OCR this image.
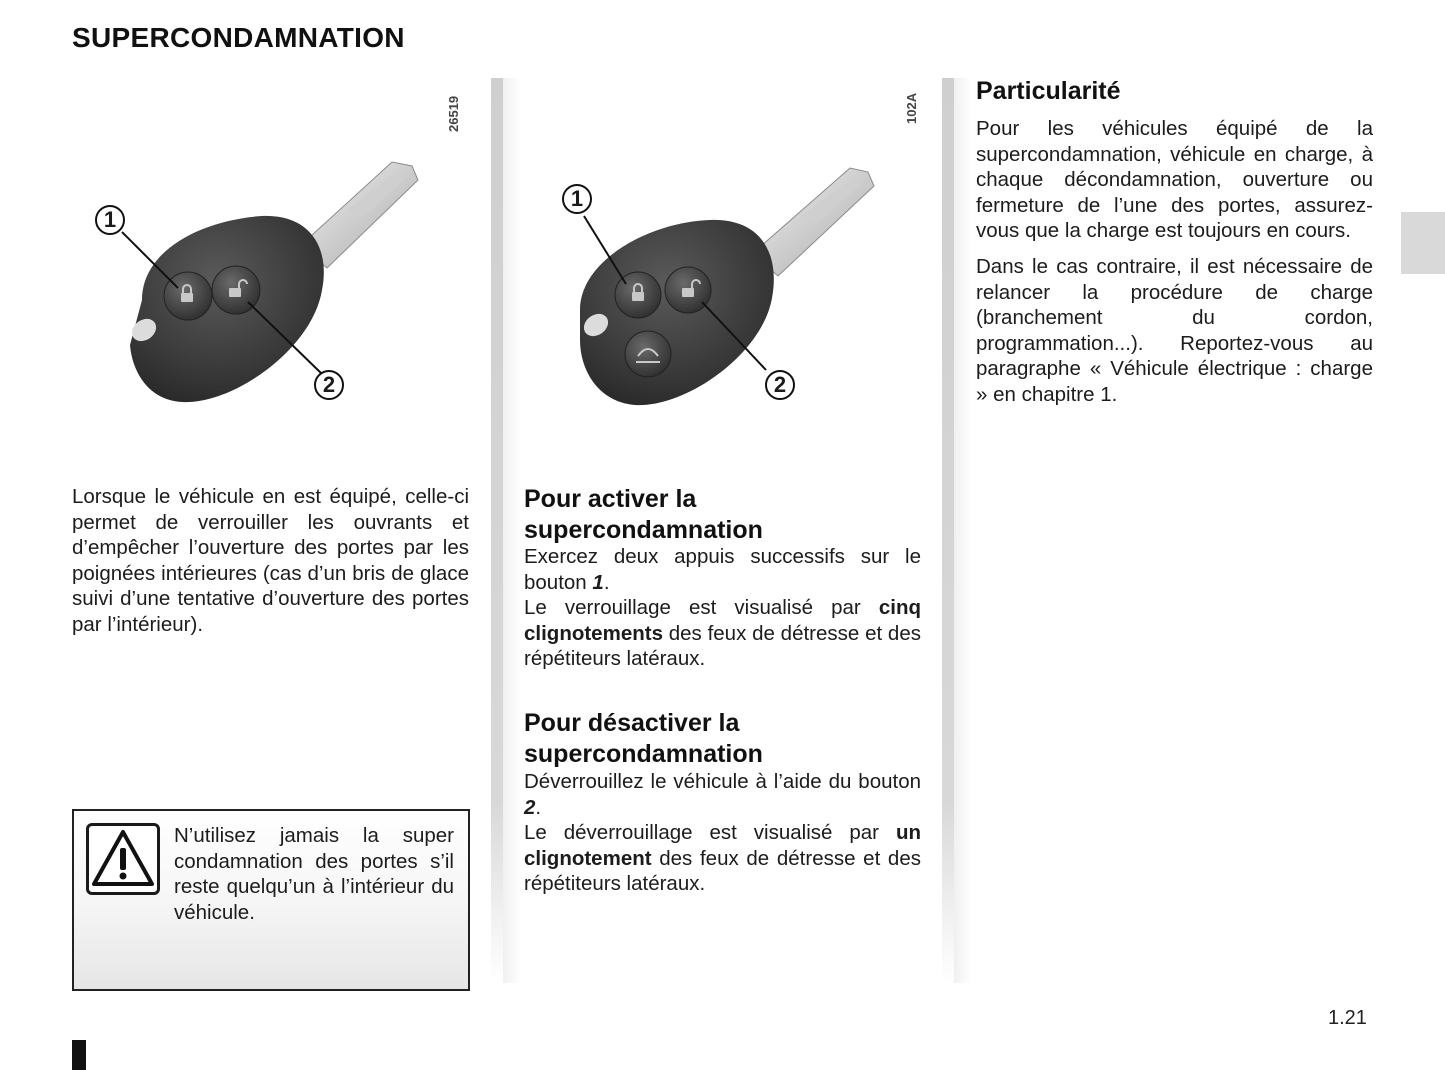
SUPERCONDAMNATION
26519
1
2
102A
1
2

Lorsque le véhicule en est équipé, celle-ci permet de verrouiller les ouvrants et d’empêcher l’ouverture des portes par les poignées intérieures (cas d’un bris de glace suivi d’une tentative d’ouverture des portes par l’intérieur).

N’utilisez jamais la super condamnation des portes s’il reste quelqu’un à l’intérieur du véhicule.
Pour activer la
supercondamnation

Exercez deux appuis successifs sur le bouton 1.

Le verrouillage est visualisé par cinq clignotements des feux de détresse et des répétiteurs latéraux.

Pour désactiver la
supercondamnation

Déverrouillez le véhicule à l’aide du bouton 2.

Le déverrouillage est visualisé par un clignotement des feux de détresse et des répétiteurs latéraux.

Particularité

Pour les véhicules équipé de la supercondamnation, véhicule en charge, à chaque décondamnation, ouverture ou fermeture de l’une des portes, assurez-vous que la charge est toujours en cours.

Dans le cas contraire, il est nécessaire de relancer la procédure de charge (branchement du cordon, programmation...). Reportez-vous au paragraphe « Véhicule électrique : charge » en chapitre 1.

1.21
